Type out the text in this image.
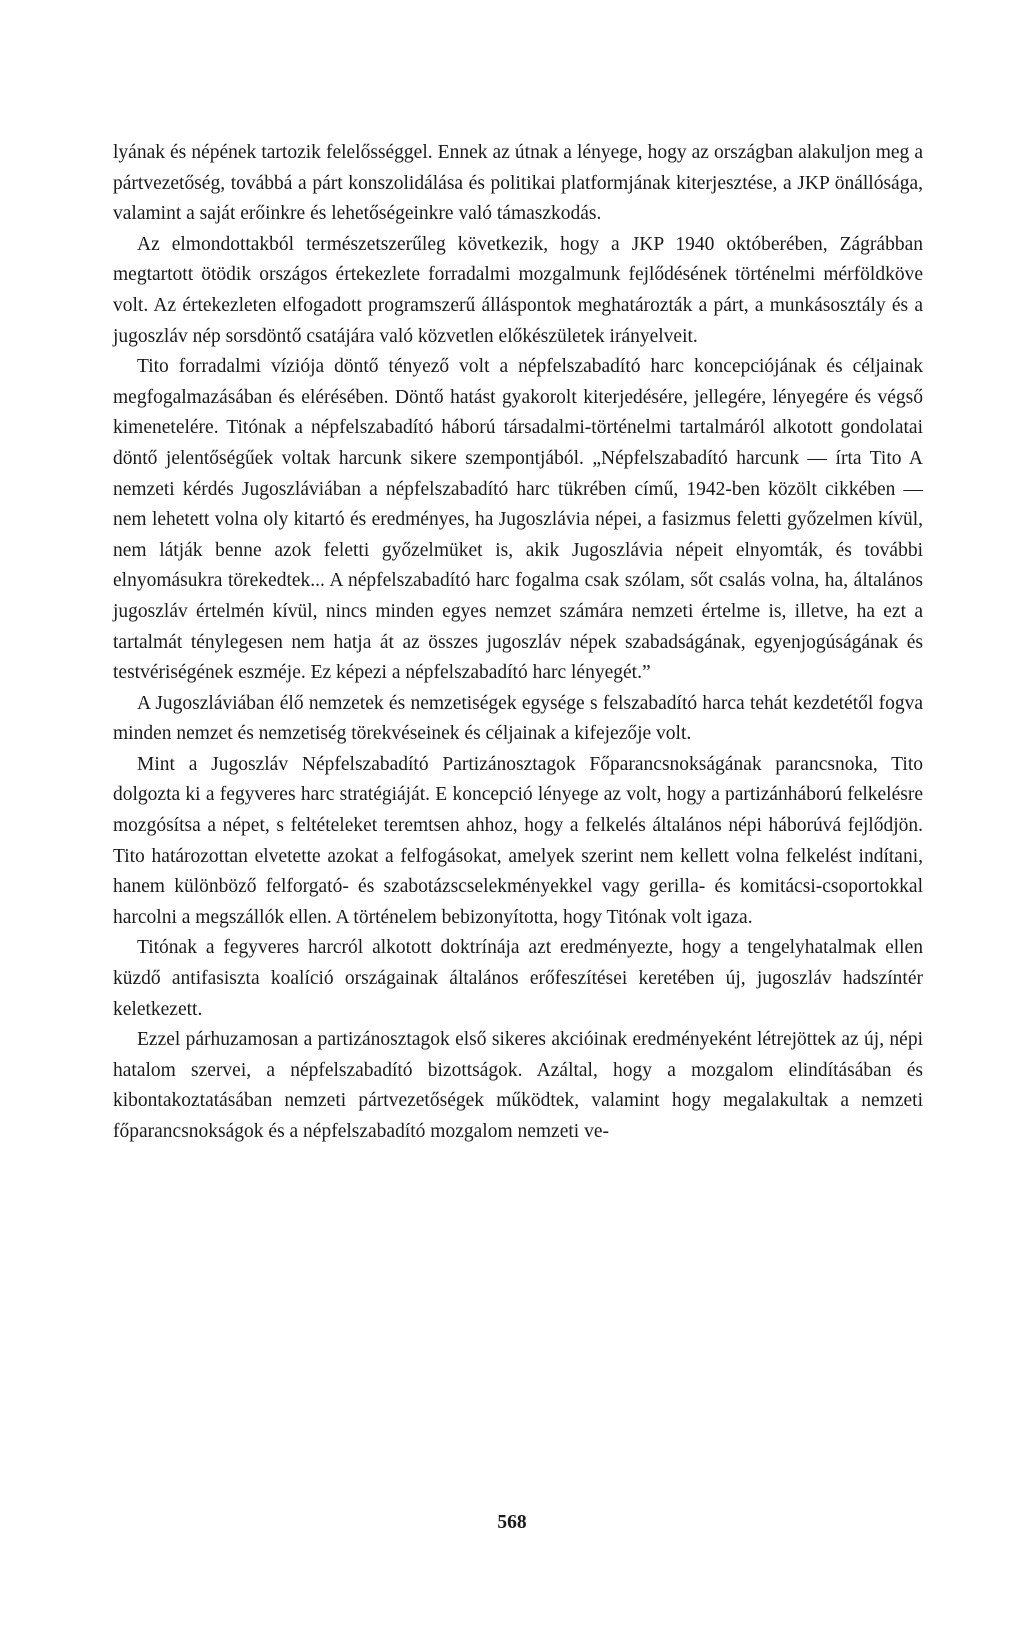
lyának és népének tartozik felelősséggel. Ennek az útnak a lényege, hogy az országban alakuljon meg a pártvezetőség, továbbá a párt konszolidálása és politikai platformjának kiterjesztése, a JKP önállósága, valamint a saját erőinkre és lehetőségeinkre való támaszkodás.

Az elmondottakból természetszerűleg következik, hogy a JKP 1940 októberében, Zágrábban megtartott ötödik országos értekezlete forradalmi mozgalmunk fejlődésének történelmi mérföldköve volt. Az értekezleten elfogadott programszerű álláspontok meghatározták a párt, a munkásosztály és a jugoszláv nép sorsdöntő csatájára való közvetlen előkészületek irányelveit.

Tito forradalmi víziója döntő tényező volt a népfelszabadító harc koncepciójának és céljainak megfogalmazásában és elérésében. Döntő hatást gyakorolt kiterjedésére, jellegére, lényegére és végső kimenetelére. Titónak a népfelszabadító háború társadalmi-történelmi tartalmáról alkotott gondolatai döntő jelentőségűek voltak harcunk sikere szempontjából. „Népfelszabadító harcunk — írta Tito A nemzeti kérdés Jugoszláviában a népfelszabadító harc tükrében című, 1942-ben közölt cikkében — nem lehetett volna oly kitartó és eredményes, ha Jugoszlávia népei, a fasizmus feletti győzelmen kívül, nem látják benne azok feletti győzelmüket is, akik Jugoszlávia népeit elnyomták, és további elnyomásukra törekedtek... A népfelszabadító harc fogalma csak szólam, sőt csalás volna, ha, általános jugoszláv értelmén kívül, nincs minden egyes nemzet számára nemzeti értelme is, illetve, ha ezt a tartalmát ténylegesen nem hatja át az összes jugoszláv népek szabadságának, egyenjogúságának és testvériségének eszméje. Ez képezi a népfelszabadító harc lényegét.”

A Jugoszláviában élő nemzetek és nemzetiségek egysége s felszabadító harca tehát kezdetétől fogva minden nemzet és nemzetiség törekvéseinek és céljainak a kifejezője volt.

Mint a Jugoszláv Népfelszabadító Partizánosztagok Főparancsnokságának parancsnoka, Tito dolgozta ki a fegyveres harc stratégiáját. E koncepció lényege az volt, hogy a partizánháború felkelésre mozgósítsa a népet, s feltételeket teremtsen ahhoz, hogy a felkelés általános népi háborúvá fejlődjön. Tito határozottan elvetette azokat a felfogásokat, amelyek szerint nem kellett volna felkelést indítani, hanem különböző felforgató- és szabotázscselekményekkel vagy gerilla- és komitácsi-csoportokkal harcolni a megszállók ellen. A történelem bebizonyította, hogy Titónak volt igaza.

Titónak a fegyveres harcról alkotott doktrínája azt eredményezte, hogy a tengelyhatalmak ellen küzdő antifasiszta koalíció országainak általános erőfeszítései keretében új, jugoszláv hadszíntér keletkezett.

Ezzel párhuzamosan a partizánosztagok első sikeres akcióinak eredményeként létrejöttek az új, népi hatalom szervei, a népfelszabadító bizottságok. Azáltal, hogy a mozgalom elindításában és kibontakoztatásában nemzeti pártvezetőségek működtek, valamint hogy megalakultak a nemzeti főparancsnokságok és a népfelszabadító mozgalom nemzeti ve-

568
